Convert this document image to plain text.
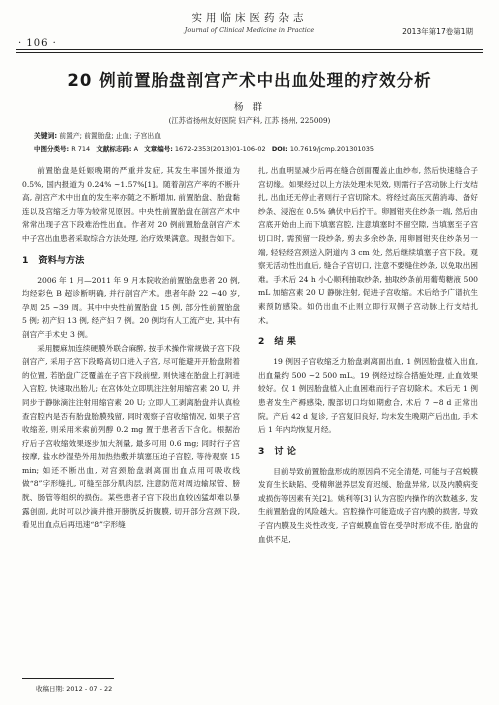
· 106 ·
实用临床医药杂志
Journal of Clinical Medicine in Practice	2013年第17卷第1期
20 例前置胎盘剖宫产术中出血处理的疗效分析
杨 群
(江苏省扬州友好医院 妇产科, 江苏 扬州, 225009)
关键词: 前置产; 前置胎盘; 止血; 子宫出血
中图分类号: R 714 文献标志码: A 文章编号: 1672-2353(2013)01-106-02 DOI: 10.7619/jcmp.201301035

前置胎盘是妊娠晚期的严重并发症, 其发生率国外报道为 0.5%, 国内报道为 0.24% ~1.57%[1]。随着剖宫产率的不断升高, 剖宫产术中出血的发生率亦随之不断增加, 前置胎盘、胎盘黏连以及宫缩乏力等为较常见原因。中央性前置胎盘在剖宫产术中常常出现子宫下段难治性出血。作者对 20 例前置胎盘剖宫产术中子宫出血患者采取综合方法处理, 治疗效果满意。现报告如下。

1 资料与方法

2006 年 1 月—2011 年 9 月本院收治前置胎盘患者 20 例, 均经彩色 B 超诊断明确, 并行剖宫产术。患者年龄 22 ~40 岁, 孕周 25 ~39 周。其中中央性前置胎盘 15 例, 部分性前置胎盘 5 例; 初产妇 13 例, 经产妇 7 例。20 例均有人工流产史, 其中有剖宫产手术史 3 例。

采用腰麻加连续硬膜外联合麻醉, 按手术操作常规做子宫下段剖宫产, 采用子宫下段略高切口进入子宫, 尽可能避开开胎盘附着的位置, 若胎盘广泛覆盖在子宫下段前壁, 则快速在胎盘上打洞进入宫腔, 快速取出胎儿; 在宫体处立即肌注注射用缩宫素 20 U, 并同步于静脉滴注注射用缩宫素 20 U; 立即人工剥离胎盘并认真检查宫腔内是否有胎盘胎膜残留, 同时观察子宫收缩情况, 如果子宫收缩差, 则采用米索前列醇 0.2 mg 置于患者舌下含化。根据治疗后子宫收缩效果逐步加大剂量, 最多可用 0.6 mg; 同时行子宫按摩, 盐水纱湿垫外用加热热敷并填塞压迫子宫腔, 等待观察 15 min; 如还不断出血, 对宫颈胎盘剥离面出血点用可吸收线做“8”字形缝扎, 可缝至部分肌肉层, 注意防范对周边输尿管、膀胱、肠管等组织的损伤。某些患者子宫下段出血较凶猛却难以暴露创面, 此时可以沙滴并推开膀胱反折腹膜, 切开部分宫颈下段, 看见出血点后再迅速“8”字形缝

扎, 出血明显减少后再在缝合创面覆盖止血纱布, 然后快速缝合子宫切缘。如果经过以上方法处理未见效, 则需行子宫动脉上行支结扎, 出血还无停止者则行子宫切除术。将经过高压灭菌消毒、备好纱条、浸泡在 0.5% 碘伏中后拧干。卵圆钳夹住纱条一端, 然后由宫底开始由上而下填塞宫腔, 注意填塞时不留空隙, 当填塞至子宫切口时, 需预留一段纱条, 剪去多余纱条, 用卵圆钳夹住纱条另一端, 轻轻经宫颈送入阴道内 3 cm 处, 然后继续填塞子宫下段。观察无活动性出血后, 缝合子宫切口, 注意不要缝住纱条, 以免取出困难。手术后 24 h 小心顺利抽取纱条, 抽取纱条前用葡萄糖液 500 mL 加缩宫素 20 U 静脉注射, 促进子宫收缩。术后给予广谱抗生素预防感染。如仍出血不止则立即行双侧子宫动脉上行支结扎术。

2 结 果

19 例因子宫收缩乏力胎盘剥离面出血, 1 例因胎盘植入出血, 出血量约 500 ~2 500 mL。19 例经过综合措施处理, 止血效果较好。仅 1 例因胎盘植入止血困难而行子宫切除术。术后无 1 例患者发生产褥感染, 腹部切口均如期愈合, 术后 7 ~8 d 正常出院。产后 42 d 复诊, 子宫复旧良好, 均未发生晚期产后出血, 手术后 1 年内均恢复月经。

3 讨 论

目前导致前置胎盘形成的原因尚不完全清楚, 可能与子宫蜕膜发育生长缺陷、受精卵滋养层发育迟缓、胎盘异常, 以及内膜病变或损伤等因素有关[2]。姚利等[3] 认为宫腔内操作的次数越多, 发生前置胎盘的风险越大。宫腔操作可能造成子宫内膜的损害, 导致子宫内膜及生炎性改变, 子宫蜕膜血管在受孕时形成不佳, 胎盘的血供不足,

收稿日期: 2012 - 07 - 22
